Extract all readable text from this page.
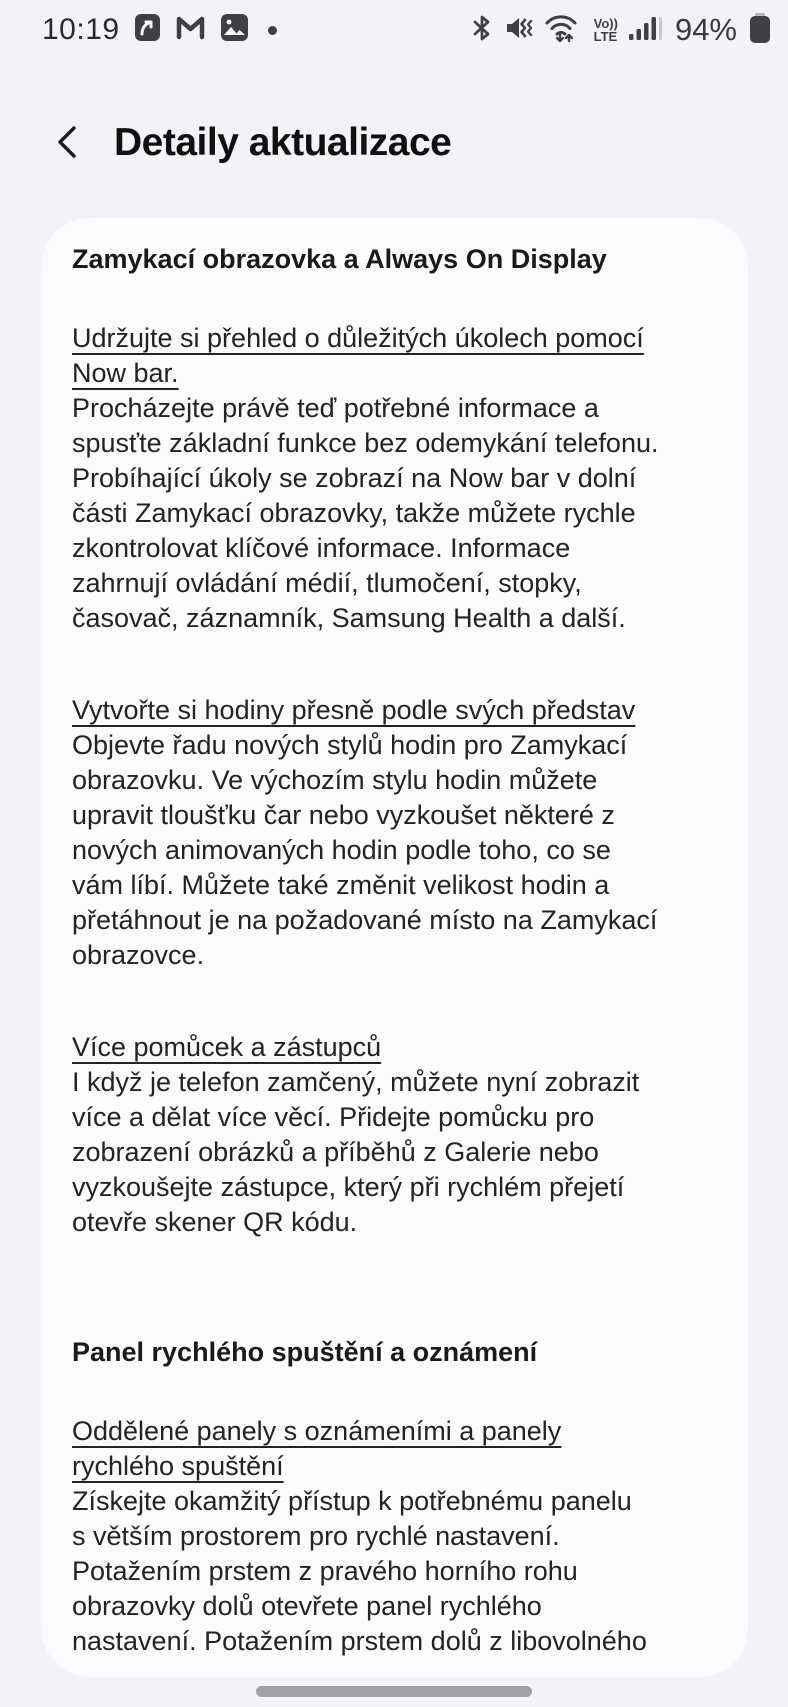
10:19	Vo))
LTE 94%
Detaily aktualizace
Zamykací obrazovka a Always On Display
Udržujte si přehled o důležitých úkolech pomocí
Now bar.
Procházejte právě teď potřebné informace a
spusťte základní funkce bez odemykání telefonu.
Probíhající úkoly se zobrazí na Now bar v dolní
části Zamykací obrazovky, takže můžete rychle
zkontrolovat klíčové informace. Informace
zahrnují ovládání médií, tlumočení, stopky,
časovač, záznamník, Samsung Health a další.
Vytvořte si hodiny přesně podle svých představ
Objevte řadu nových stylů hodin pro Zamykací
obrazovku. Ve výchozím stylu hodin můžete
upravit tloušťku čar nebo vyzkoušet některé z
nových animovaných hodin podle toho, co se
vám líbí. Můžete také změnit velikost hodin a
přetáhnout je na požadované místo na Zamykací
obrazovce.
Více pomůcek a zástupců
I když je telefon zamčený, můžete nyní zobrazit
více a dělat více věcí. Přidejte pomůcku pro
zobrazení obrázků a příběhů z Galerie nebo
vyzkoušejte zástupce, který při rychlém přejetí
otevře skener QR kódu.
Panel rychlého spuštění a oznámení
Oddělené panely s oznámeními a panely
rychlého spuštění
Získejte okamžitý přístup k potřebnému panelu
s větším prostorem pro rychlé nastavení.
Potažením prstem z pravého horního rohu
obrazovky dolů otevřete panel rychlého
nastavení. Potažením prstem dolů z libovolného
